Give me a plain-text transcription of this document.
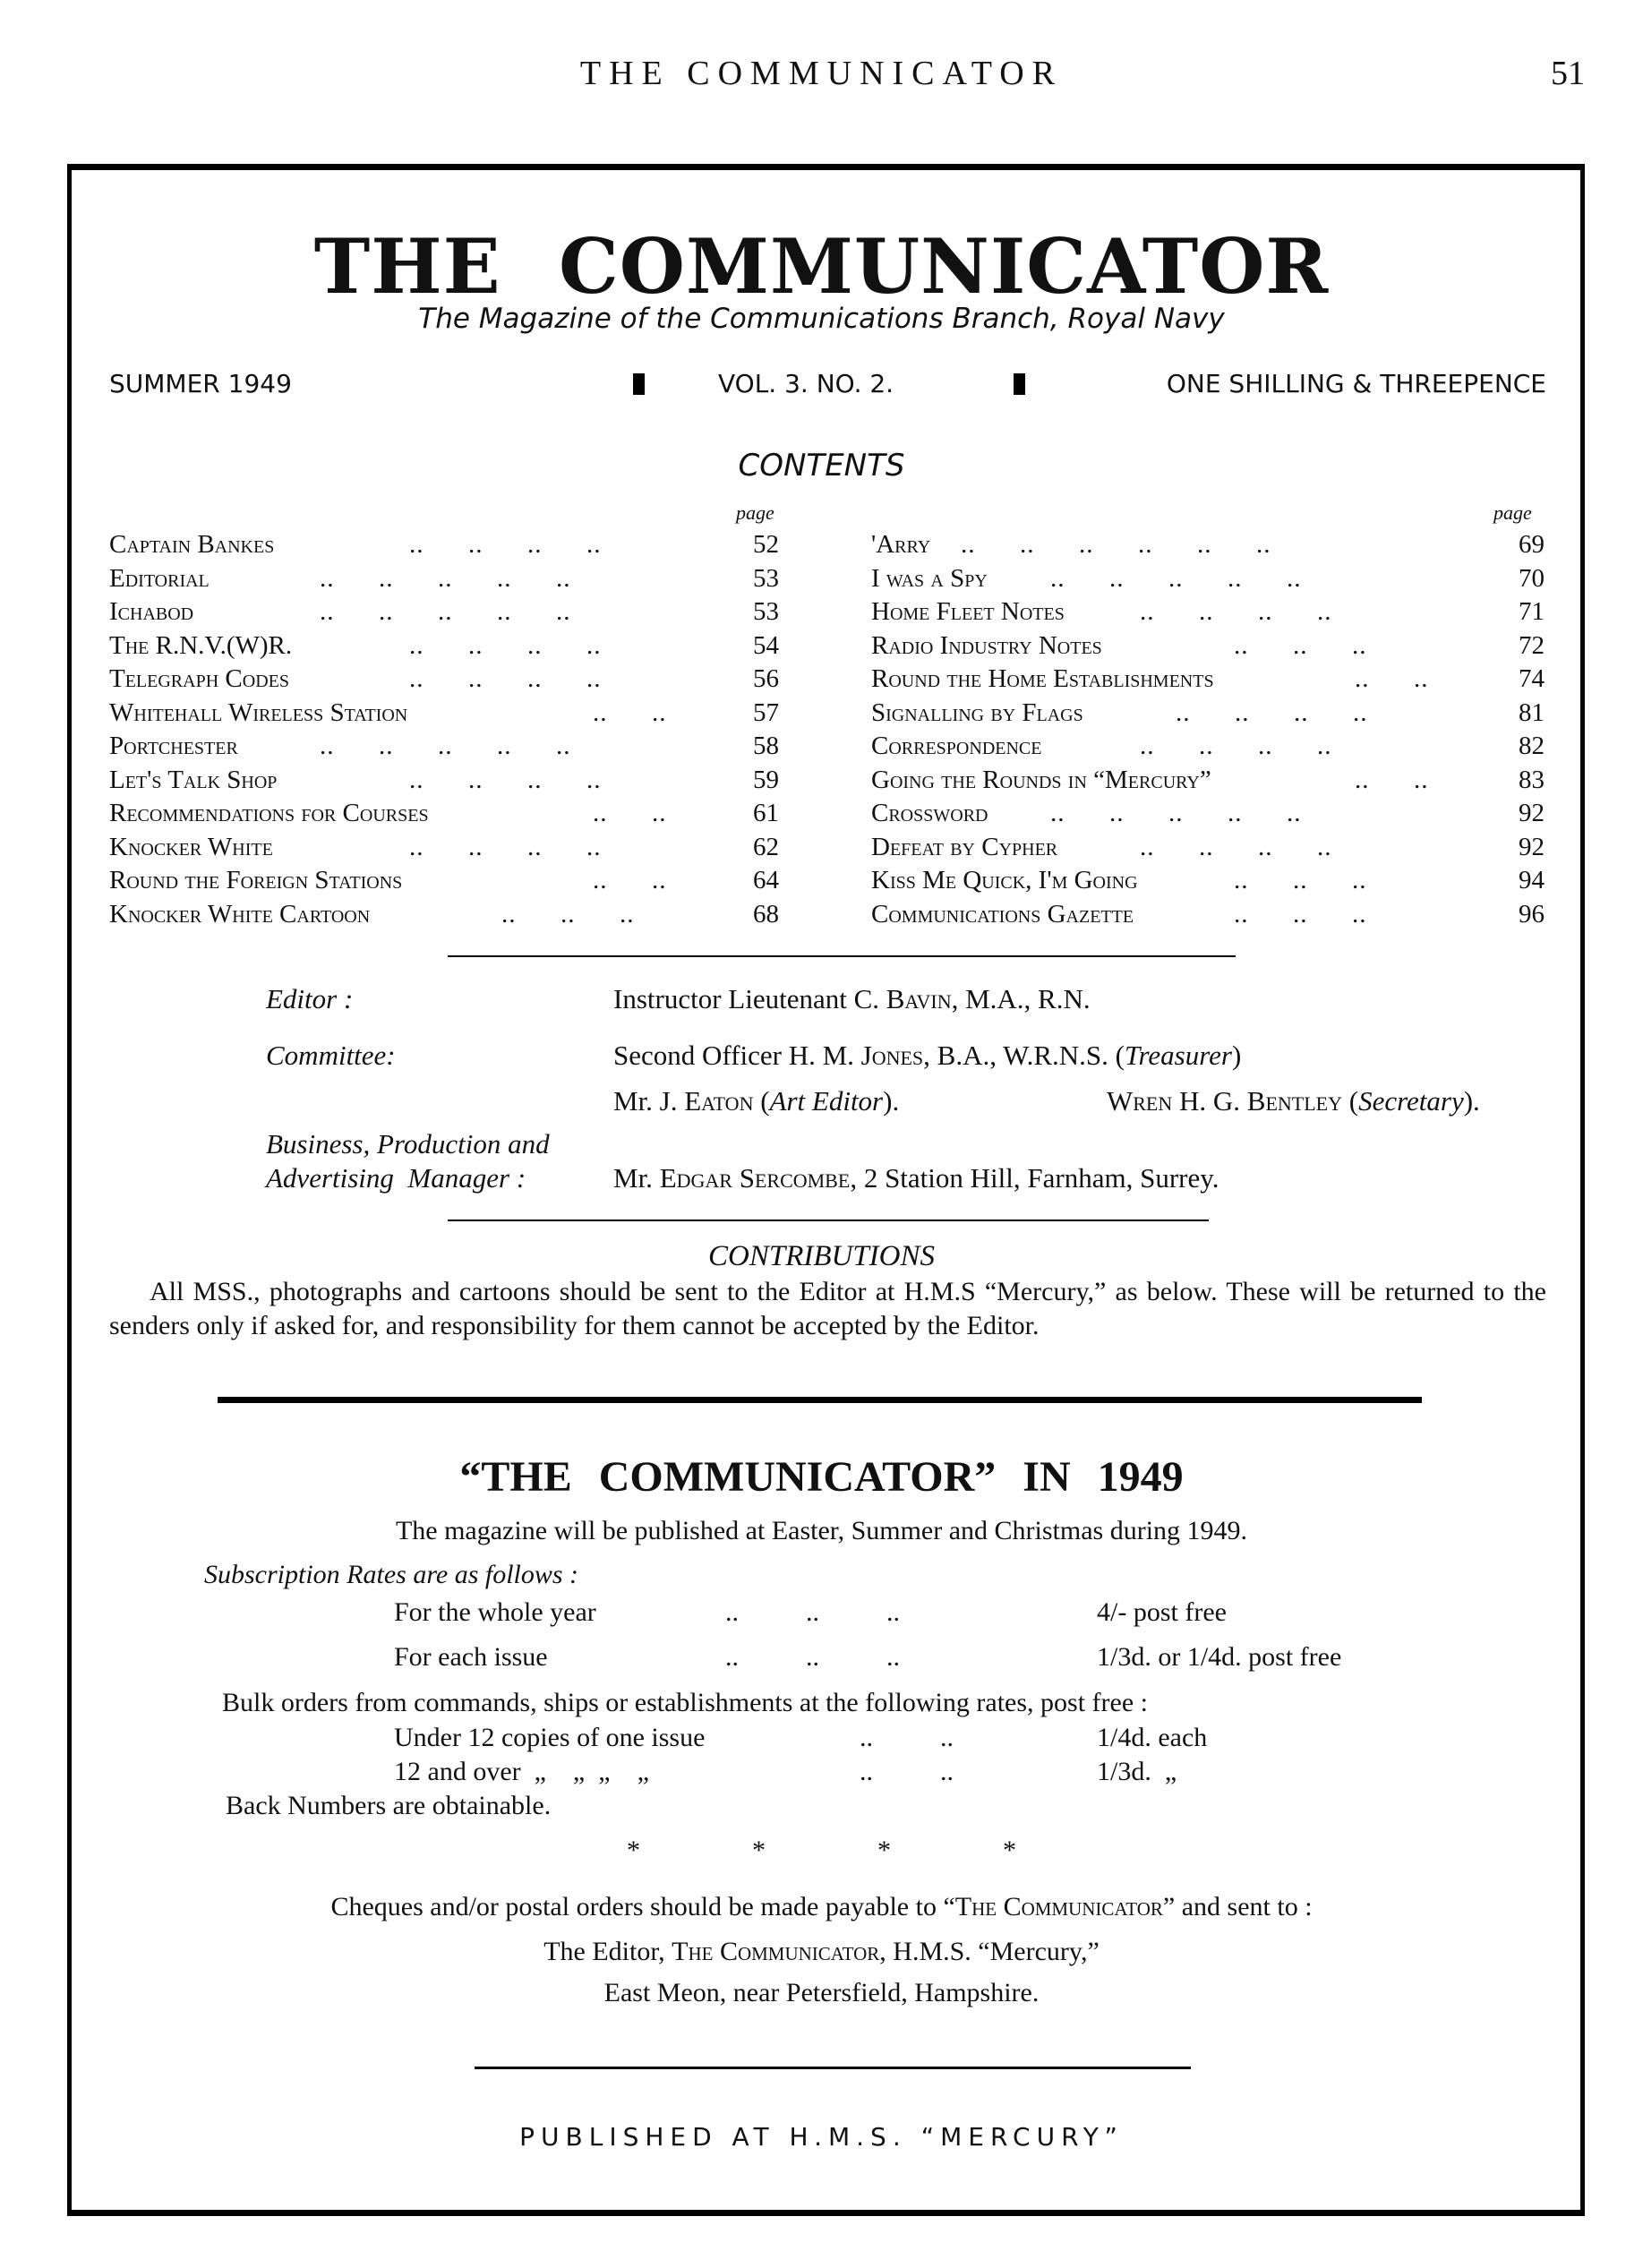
THE COMMUNICATOR	51
THE COMMUNICATOR
The Magazine of the Communications Branch, Royal Navy
SUMMER 1949	VOL. 3. NO. 2.	ONE SHILLING & THREEPENCE
CONTENTS
page	page
Captain Bankes	..      ..      ..      ..	52
Editorial	..      ..      ..      ..      ..	53
Ichabod	..      ..      ..      ..      ..	53
The R.N.V.(W)R.	..      ..      ..      ..	54
Telegraph Codes	..      ..      ..      ..	56
Whitehall Wireless Station	..      ..	57
Portchester	..      ..      ..      ..      ..	58
Let's Talk Shop	..      ..      ..      ..	59
Recommendations for Courses	..      ..	61
Knocker White	..      ..      ..      ..	62
Round the Foreign Stations	..      ..	64
Knocker White Cartoon	..      ..      ..	68
'Arry ..      ..      ..      ..      ..      ..	69
I was a Spy ..      ..      ..      ..      ..	70
Home Fleet Notes	..      ..      ..      ..	71
Radio Industry Notes	..      ..      ..	72
Round the Home Establishments	..      ..	74
Signalling by Flags	..      ..      ..      ..	81
Correspondence	..      ..      ..      ..	82
Going the Rounds in “Mercury”	..      ..	83
Crossword ..      ..      ..      ..      ..	92
Defeat by Cypher	..      ..      ..      ..	92
Kiss Me Quick, I'm Going	..      ..      ..	94
Communications Gazette	..      ..      ..	96
Editor :	Instructor Lieutenant C. Bavin, M.A., R.N.
Committee:	Second Officer H. M. Jones, B.A., W.R.N.S. (Treasurer)
Mr. J. Eaton (Art Editor).	Wren H. G. Bentley (Secretary).
Business, Production and
Advertising  Manager :	Mr. Edgar Sercombe, 2 Station Hill, Farnham, Surrey.
CONTRIBUTIONS

All MSS., photographs and cartoons should be sent to the Editor at H.M.S “Mercury,” as below. These will be returned to the senders only if asked for, and responsibility for them cannot be accepted by the Editor.

“THE COMMUNICATOR” IN 1949
The magazine will be published at Easter, Summer and Christmas during 1949.
Subscription Rates are as follows :
For the whole year	..          ..          ..	4/- post free
For each issue	..          ..          ..	1/3d. or 1/4d. post free
Bulk orders from commands, ships or establishments at the following rates, post free :
Under 12 copies of one issue	..          ..	1/4d. each
12 and over  „    „  „    „	..          ..	1/3d.  „
Back Numbers are obtainable.
*	*	*	*
Cheques and/or postal orders should be made payable to “The Communicator” and sent to :
The Editor, The Communicator, H.M.S. “Mercury,”
East Meon, near Petersfield, Hampshire.
PUBLISHED AT H.M.S. “MERCURY”
